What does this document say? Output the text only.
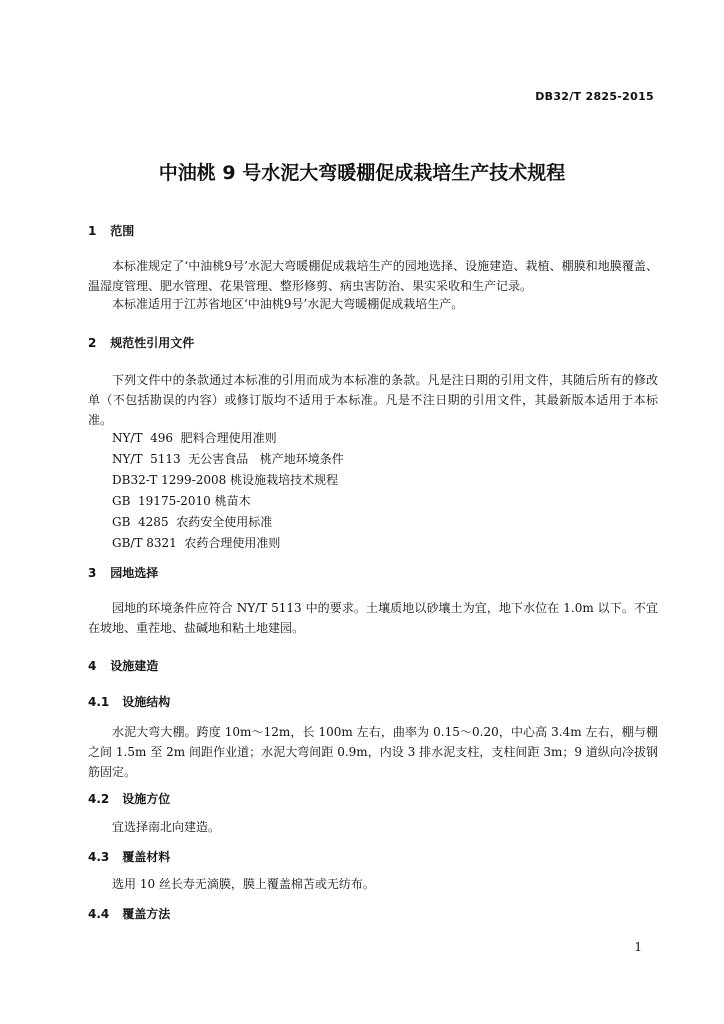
DB32/T 2825-2015
中油桃 9 号水泥大弯暖棚促成栽培生产技术规程
1 范围

本标准规定了‘中油桃9号’水泥大弯暖棚促成栽培生产的园地选择、设施建造、栽植、棚膜和地膜覆盖、温湿度管理、肥水管理、花果管理、整形修剪、病虫害防治、果实采收和生产记录。

本标准适用于江苏省地区‘中油桃9号’水泥大弯暖棚促成栽培生产。

2 规范性引用文件

下列文件中的条款通过本标准的引用而成为本标准的条款。凡是注日期的引用文件，其随后所有的修改单（不包括勘误的内容）或修订版均不适用于本标准。凡是不注日期的引用文件，其最新版本适用于本标准。

NY/T  496  肥料合理使用准则
NY/T  5113  无公害食品   桃产地环境条件
DB32-T 1299-2008 桃设施栽培技术规程
GB  19175-2010 桃苗木
GB  4285  农药安全使用标准
GB/T 8321  农药合理使用准则
3 园地选择

园地的环境条件应符合 NY/T 5113 中的要求。土壤质地以砂壤土为宜，地下水位在 1.0m 以下。不宜在坡地、重茬地、盐碱地和粘土地建园。

4 设施建造
4.1 设施结构

水泥大弯大棚。跨度 10m～12m，长 100m 左右，曲率为 0.15～0.20，中心高 3.4m 左右，棚与棚之间 1.5m 至 2m 间距作业道；水泥大弯间距 0.9m，内设 3 排水泥支柱，支柱间距 3m；9 道纵向冷拔钢筋固定。

4.2 设施方位

宜选择南北向建造。

4.3 覆盖材料

选用 10 丝长寿无滴膜，膜上覆盖棉苫或无纺布。

4.4 覆盖方法
1
